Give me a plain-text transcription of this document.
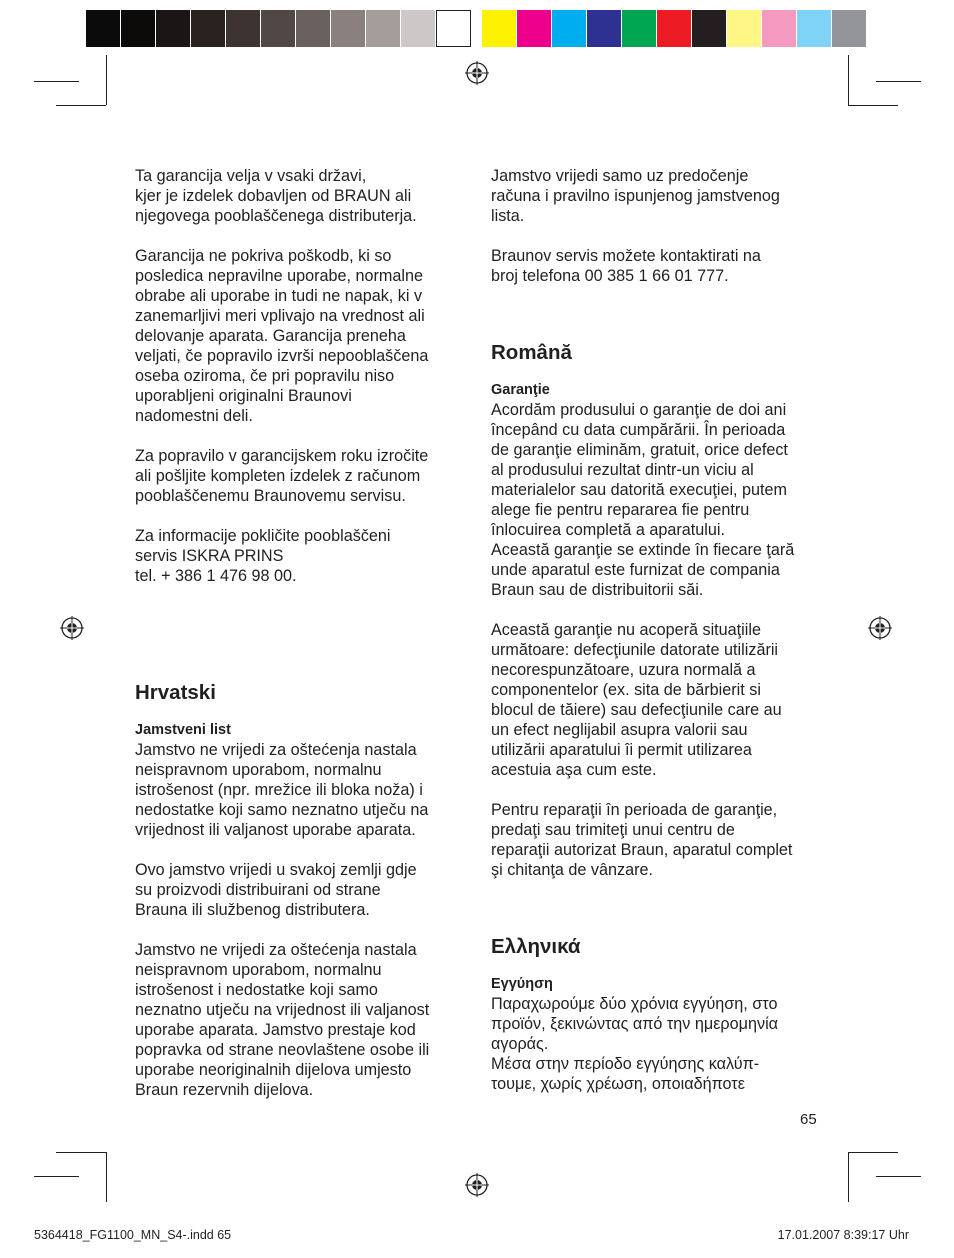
Ta garancija velja v vsaki državi,
kjer je izdelek dobavljen od BRAUN ali
njegovega pooblaščenega distributerja.

Garancija ne pokriva poškodb, ki so
posledica nepravilne uporabe, normalne
obrabe ali uporabe in tudi ne napak, ki v
zanemarljivi meri vplivajo na vrednost ali
delovanje aparata. Garancija preneha
veljati, če popravilo izvrši nepooblaščena
oseba oziroma, če pri popravilu niso
uporabljeni originalni Braunovi
nadomestni deli.

Za popravilo v garancijskem roku izročite
ali pošljite kompleten izdelek z računom
pooblaščenemu Braunovemu servisu.

Za informacije pokličite pooblaščeni
servis ISKRA PRINS
tel. + 386 1 476 98 00.

Hrvatski
Jamstveni list

Jamstvo ne vrijedi za oštećenja nastala
neispravnom uporabom, normalnu
istrošenost (npr. mrežice ili bloka noža) i
nedostatke koji samo neznatno utječu na
vrijednost ili valjanost uporabe aparata.

Ovo jamstvo vrijedi u svakoj zemlji gdje
su proizvodi distribuirani od strane
Brauna ili službenog distributera.

Jamstvo ne vrijedi za oštećenja nastala
neispravnom uporabom, normalnu
istrošenost i nedostatke koji samo
neznatno utječu na vrijednost ili valjanost
uporabe aparata. Jamstvo prestaje kod
popravka od strane neovlaštene osobe ili
uporabe neoriginalnih dijelova umjesto
Braun rezervnih dijelova.

Jamstvo vrijedi samo uz predočenje
računa i pravilno ispunjenog jamstvenog
lista.

Braunov servis možete kontaktirati na
broj telefona 00 385 1 66 01 777.

Română
Garanţie

Acordăm produsului o garanţie de doi ani
începând cu data cumpărării. În perioada
de garanţie eliminăm, gratuit, orice defect
al produsului rezultat dintr-un viciu al
materialelor sau datorită execuţiei, putem
alege fie pentru repararea fie pentru
înlocuirea completă a aparatului.
Această garanţie se extinde în fiecare ţară
unde aparatul este furnizat de compania
Braun sau de distribuitorii săi.

Această garanţie nu acoperă situaţiile
următoare: defecţiunile datorate utilizării
necorespunzătoare, uzura normală a
componentelor (ex. sita de bărbierit si
blocul de tăiere) sau defecţiunile care au
un efect neglijabil asupra valorii sau
utilizării aparatului îi permit utilizarea
acestuia aşa cum este.

Pentru reparaţii în perioada de garanţie,
predaţi sau trimiteţi unui centru de
reparaţii autorizat Braun, aparatul complet
şi chitanţa de vânzare.

Ελληνικά
Εγγύηση

Παραχωρούμε δύο χρόνια εγγύηση, στο
προϊόν, ξεκινώντας από την ημερομηνία
αγοράς.
Μέσα στην περίοδο εγγύησης καλύπ-
τουμε, χωρίς χρέωση, οποιαδήποτε

65
5364418_FG1100_MN_S4-.indd 65	17.01.2007 8:39:17 Uhr
